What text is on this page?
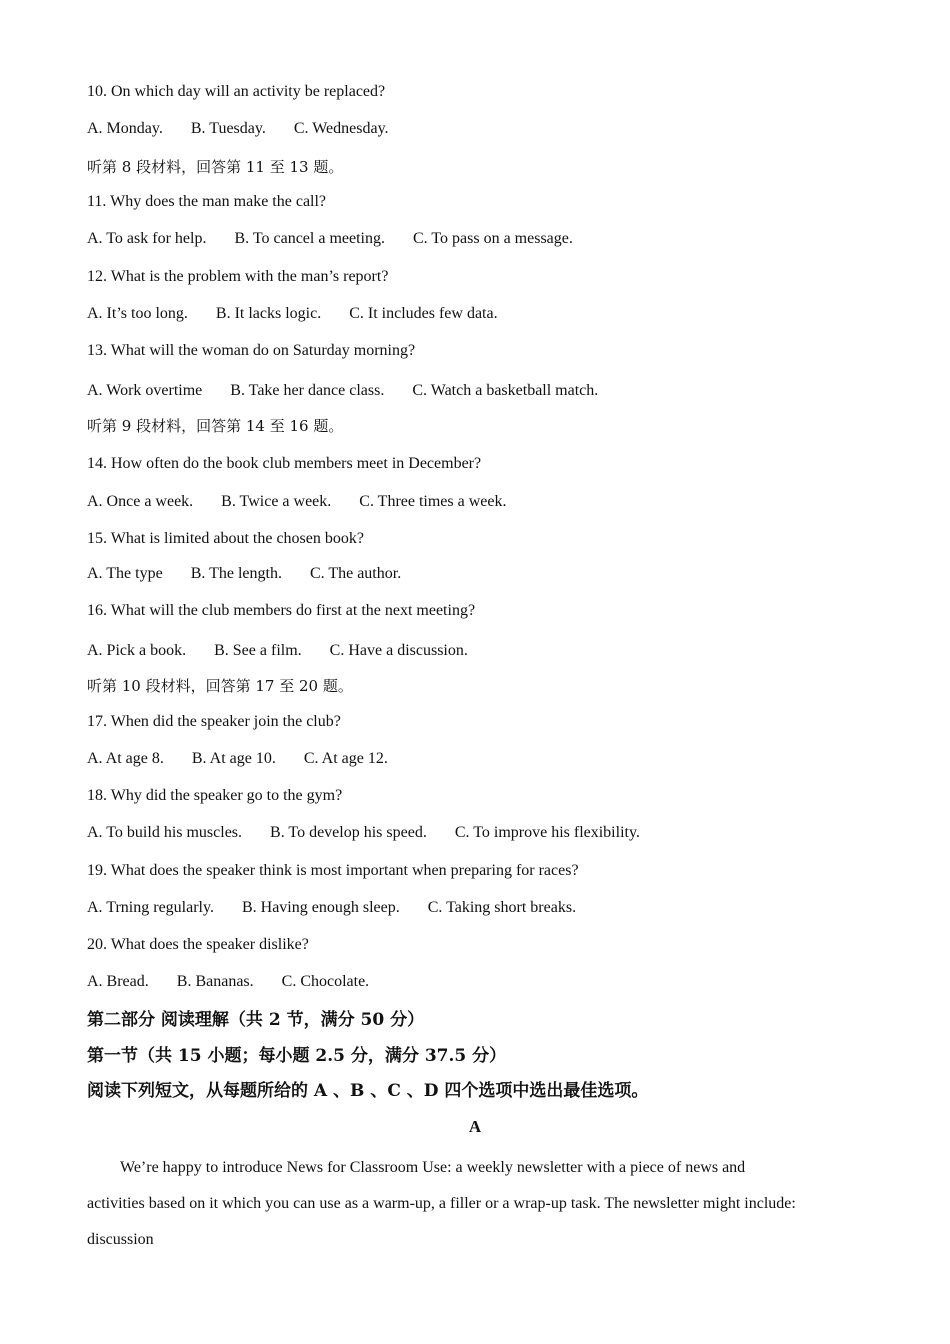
10. On which day will an activity be replaced?
A. Monday. B. Tuesday. C. Wednesday.
听第 8 段材料，回答第 11 至 13 题。
11. Why does the man make the call?
A. To ask for help. B. To cancel a meeting. C. To pass on a message.
12. What is the problem with the man’s report?
A. It’s too long. B. It lacks logic. C. It includes few data.
13. What will the woman do on Saturday morning?
A. Work overtime B. Take her dance class. C. Watch a basketball match.
听第 9 段材料，回答第 14 至 16 题。
14. How often do the book club members meet in December?
A. Once a week. B. Twice a week. C. Three times a week.
15. What is limited about the chosen book?
A. The type B. The length. C. The author.
16. What will the club members do first at the next meeting?
A. Pick a book. B. See a film. C. Have a discussion.
听第 10 段材料，回答第 17 至 20 题。
17. When did the speaker join the club?
A. At age 8. B. At age 10. C. At age 12.
18. Why did the speaker go to the gym?
A. To build his muscles. B. To develop his speed. C. To improve his flexibility.
19. What does the speaker think is most important when preparing for races?
A. Trning regularly. B. Having enough sleep. C. Taking short breaks.
20. What does the speaker dislike?
A. Bread. B. Bananas. C. Chocolate.
第二部分 阅读理解（共 2 节，满分 50 分）
第一节（共 15 小题；每小题 2.5 分，满分 37.5 分）
阅读下列短文，从每题所给的 A 、B 、C 、D 四个选项中选出最佳选项。
A
We’re happy to introduce News for Classroom Use: a weekly newsletter with a piece of news and
activities based on it which you can use as a warm-up, a filler or a wrap-up task. The newsletter might include:
discussion
